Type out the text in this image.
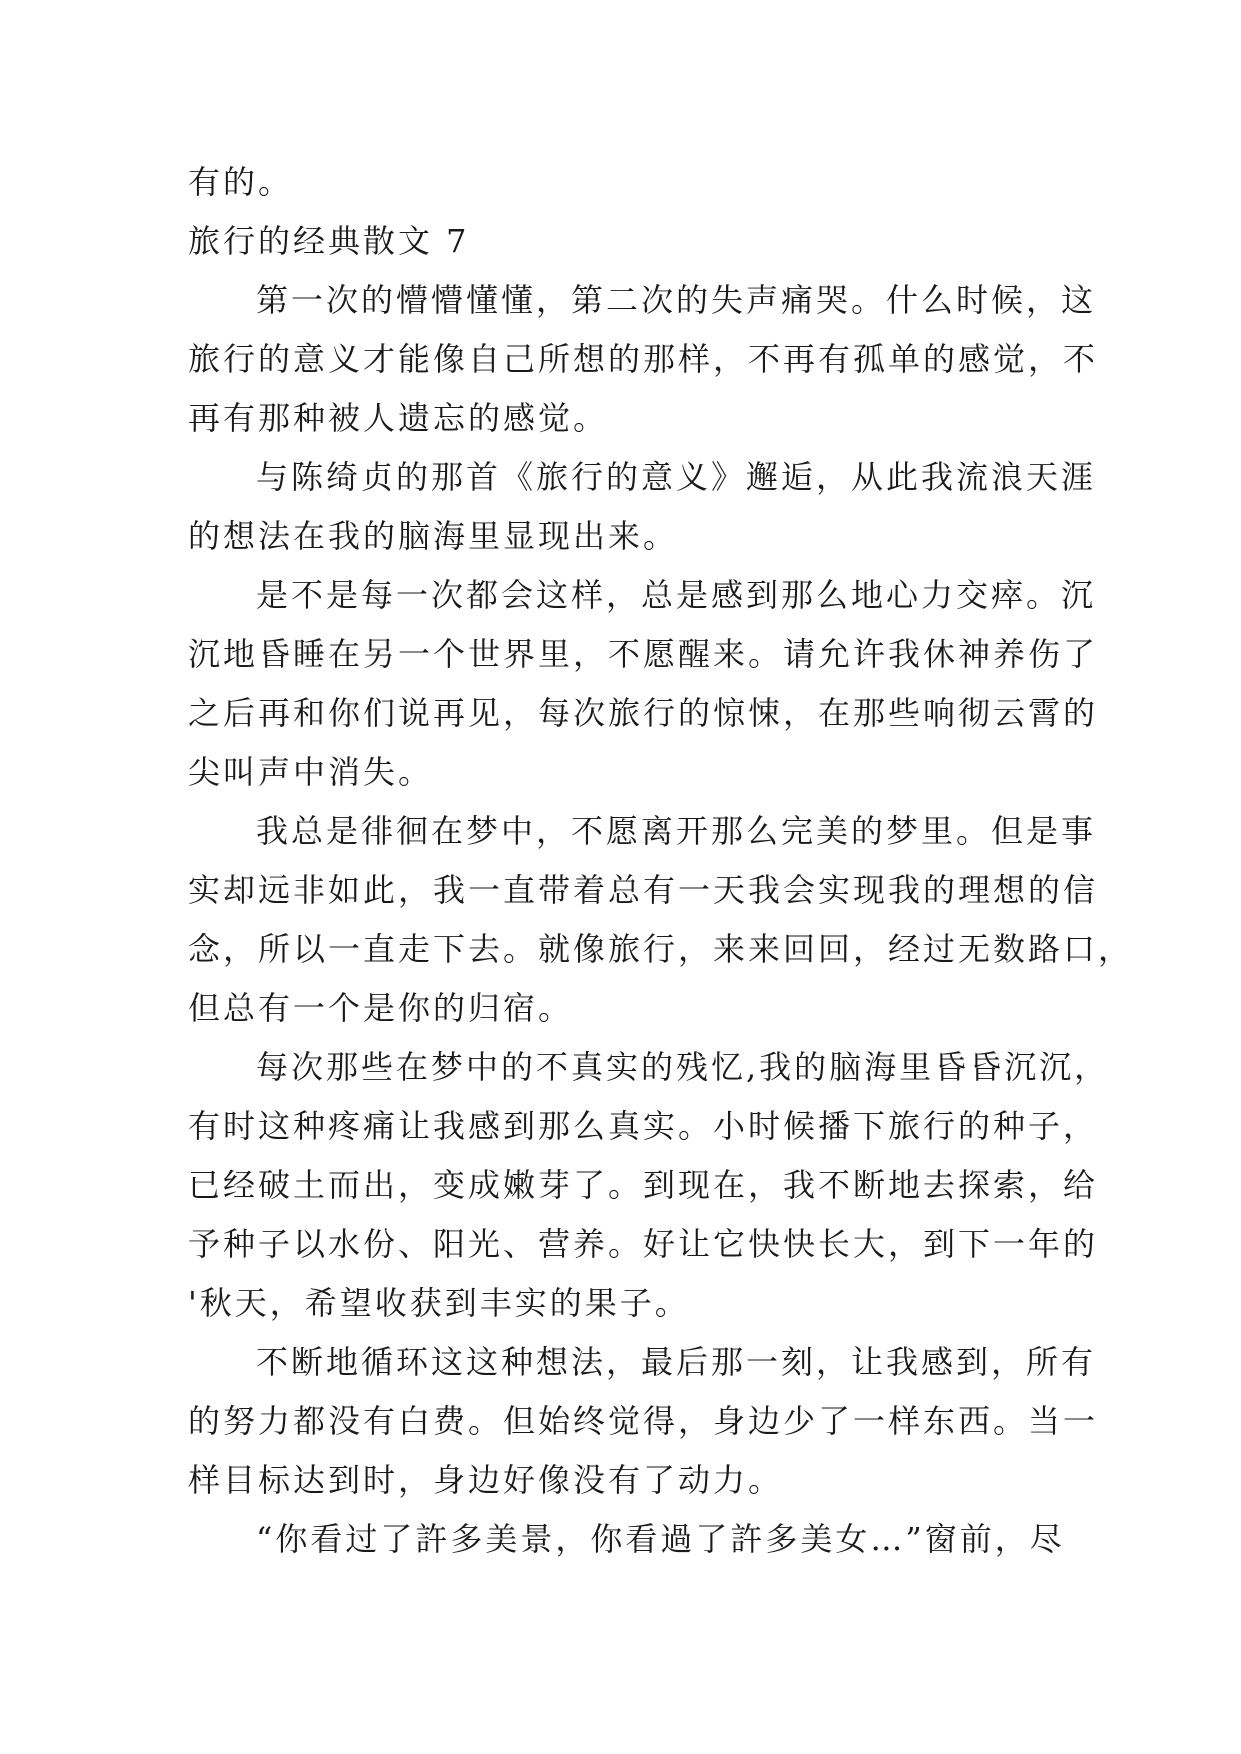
有的。
旅行的经典散文 7
第一次的懵懵懂懂，第二次的失声痛哭。什么时候，这
旅行的意义才能像自己所想的那样，不再有孤单的感觉，不
再有那种被人遗忘的感觉。
与陈绮贞的那首《旅行的意义》邂逅，从此我流浪天涯
的想法在我的脑海里显现出来。
是不是每一次都会这样，总是感到那么地心力交瘁。沉
沉地昏睡在另一个世界里，不愿醒来。请允许我休神养伤了
之后再和你们说再见，每次旅行的惊悚，在那些响彻云霄的
尖叫声中消失。
我总是徘徊在梦中，不愿离开那么完美的梦里。但是事
实却远非如此，我一直带着总有一天我会实现我的理想的信
念，所以一直走下去。就像旅行，来来回回，经过无数路口，
但总有一个是你的归宿。
每次那些在梦中的不真实的残忆,我的脑海里昏昏沉沉，
有时这种疼痛让我感到那么真实。小时候播下旅行的种子，
已经破土而出，变成嫩芽了。到现在，我不断地去探索，给
予种子以水份、阳光、营养。好让它快快长大，到下一年的
'秋天，希望收获到丰实的果子。
不断地循环这这种想法，最后那一刻，让我感到，所有
的努力都没有白费。但始终觉得，身边少了一样东西。当一
样目标达到时，身边好像没有了动力。
“你看过了許多美景，你看過了許多美女…”窗前，尽
